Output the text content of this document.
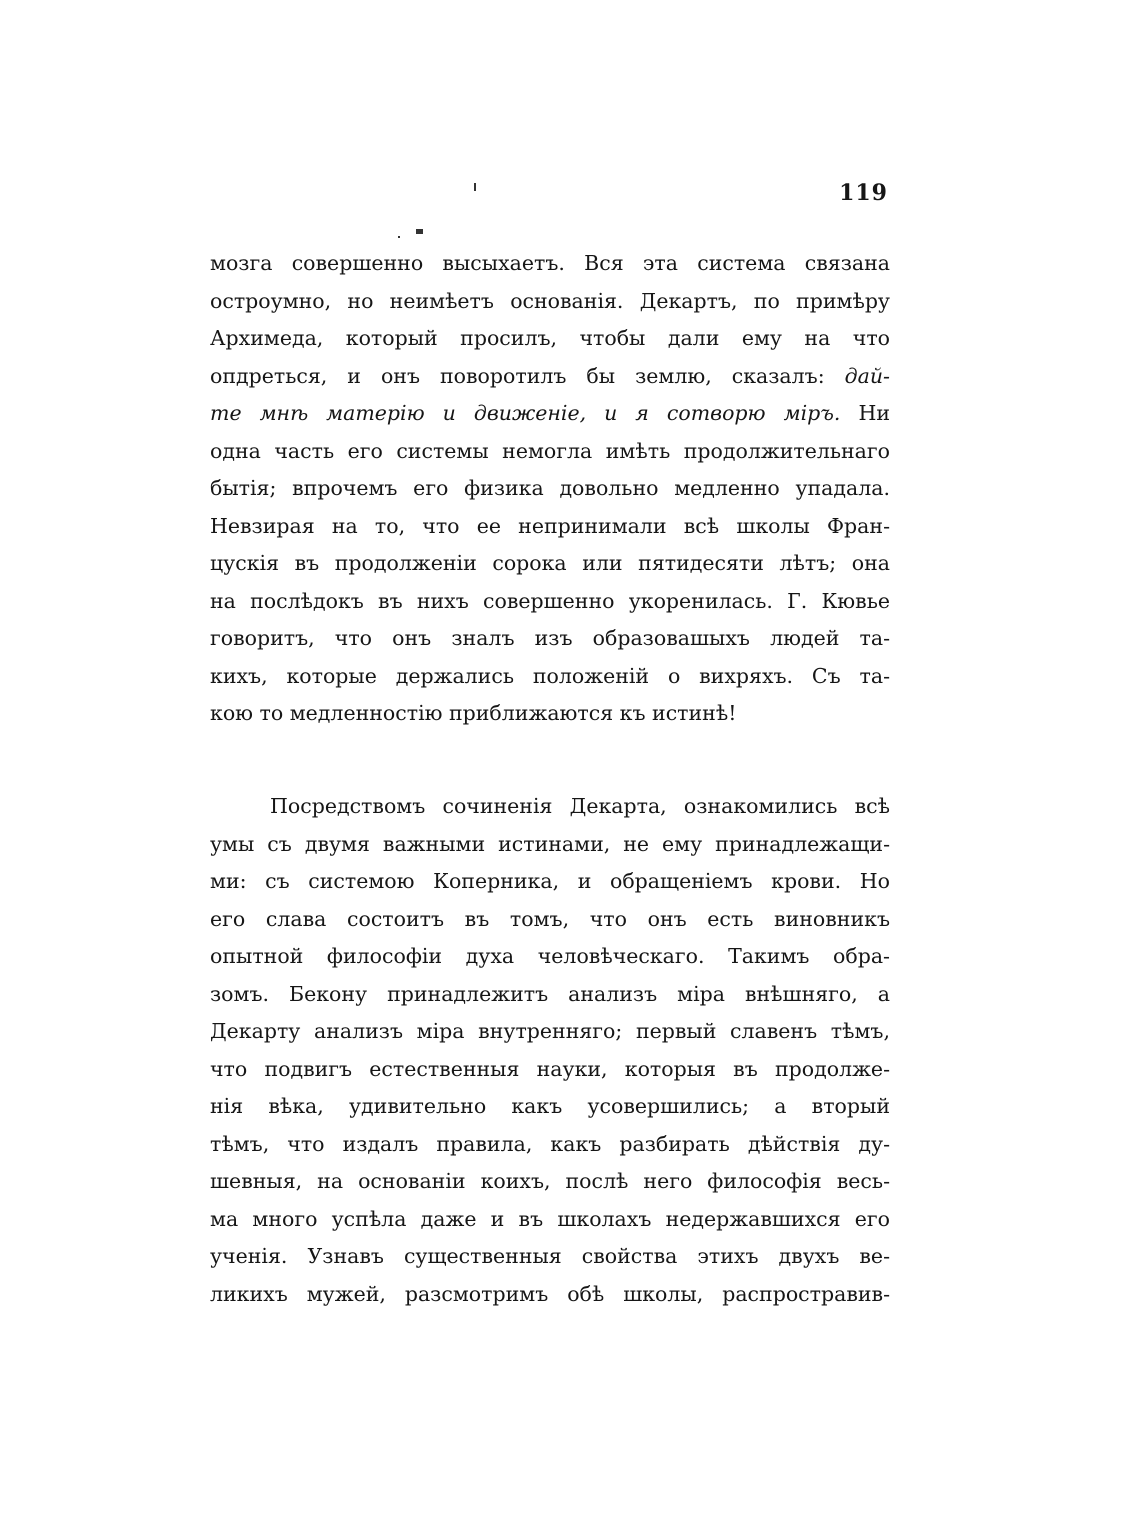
119
мозга совершенно высыхаетъ. Вся эта система связана
остроумно, но неимѣетъ основанія. Декартъ, по примѣру
Архимеда, который просилъ, чтобы дали ему на что
опдреться, и онъ поворотилъ бы землю, сказалъ: дай-
те мнѣ матерію и движеніе, и я сотворю міръ. Ни
одна часть его системы немогла имѣть продолжительнаго
бытія; впрочемъ его физика довольно медленно упадала.
Невзирая на то, что ее непринимали всѣ школы Фран-
цускія въ продолженіи сорока или пятидесяти лѣтъ; она
на послѣдокъ въ нихъ совершенно укоренилась. Г. Кювье
говоритъ, что онъ зналъ изъ образовашыхъ людей та-
кихъ, которые держались положеній о вихряхъ. Съ та-
кою то медленностію приближаются къ истинѣ!
Посредствомъ сочиненія Декарта, ознакомились всѣ
умы съ двумя важными истинами, не ему принадлежащи-
ми: съ системою Коперника, и обращеніемъ крови. Но
его слава состоитъ въ томъ, что онъ есть виновникъ
опытной философіи духа человѣческаго. Такимъ обра-
зомъ. Бекону принадлежитъ анализъ міра внѣшняго, а
Декарту анализъ міра внутренняго; первый славенъ тѣмъ,
что подвигъ естественныя науки, которыя въ продолже-
нія вѣка, удивительно какъ усовершились; а вторый
тѣмъ, что издалъ правила, какъ разбирать дѣйствія ду-
шевныя, на основаніи коихъ, послѣ него философія весь-
ма много успѣла даже и въ школахъ недержавшихся его
ученія. Узнавъ существенныя свойства этихъ двухъ ве-
ликихъ мужей, разсмотримъ обѣ школы, распростравив-
